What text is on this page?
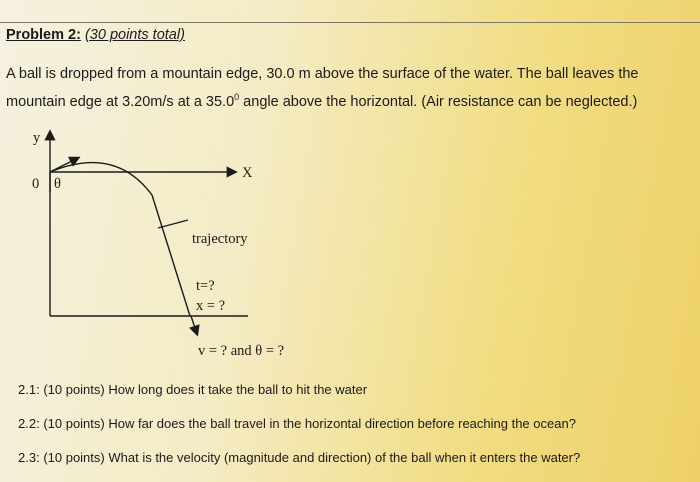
Problem 2: (30 points total)
A ball is dropped from a mountain edge, 30.0 m above the surface of the water. The ball leaves the
mountain edge at 3.20m/s at a 35.0$^0$ angle above the horizontal. (Air resistance can be neglected.)
y
X
0 θ
trajectory
t=?
x = ?
v = ? and θ = ?
2.1: (10 points) How long does it take the ball to hit the water
2.2: (10 points) How far does the ball travel in the horizontal direction before reaching the ocean?
2.3: (10 points) What is the velocity (magnitude and direction) of the ball when it enters the water?
